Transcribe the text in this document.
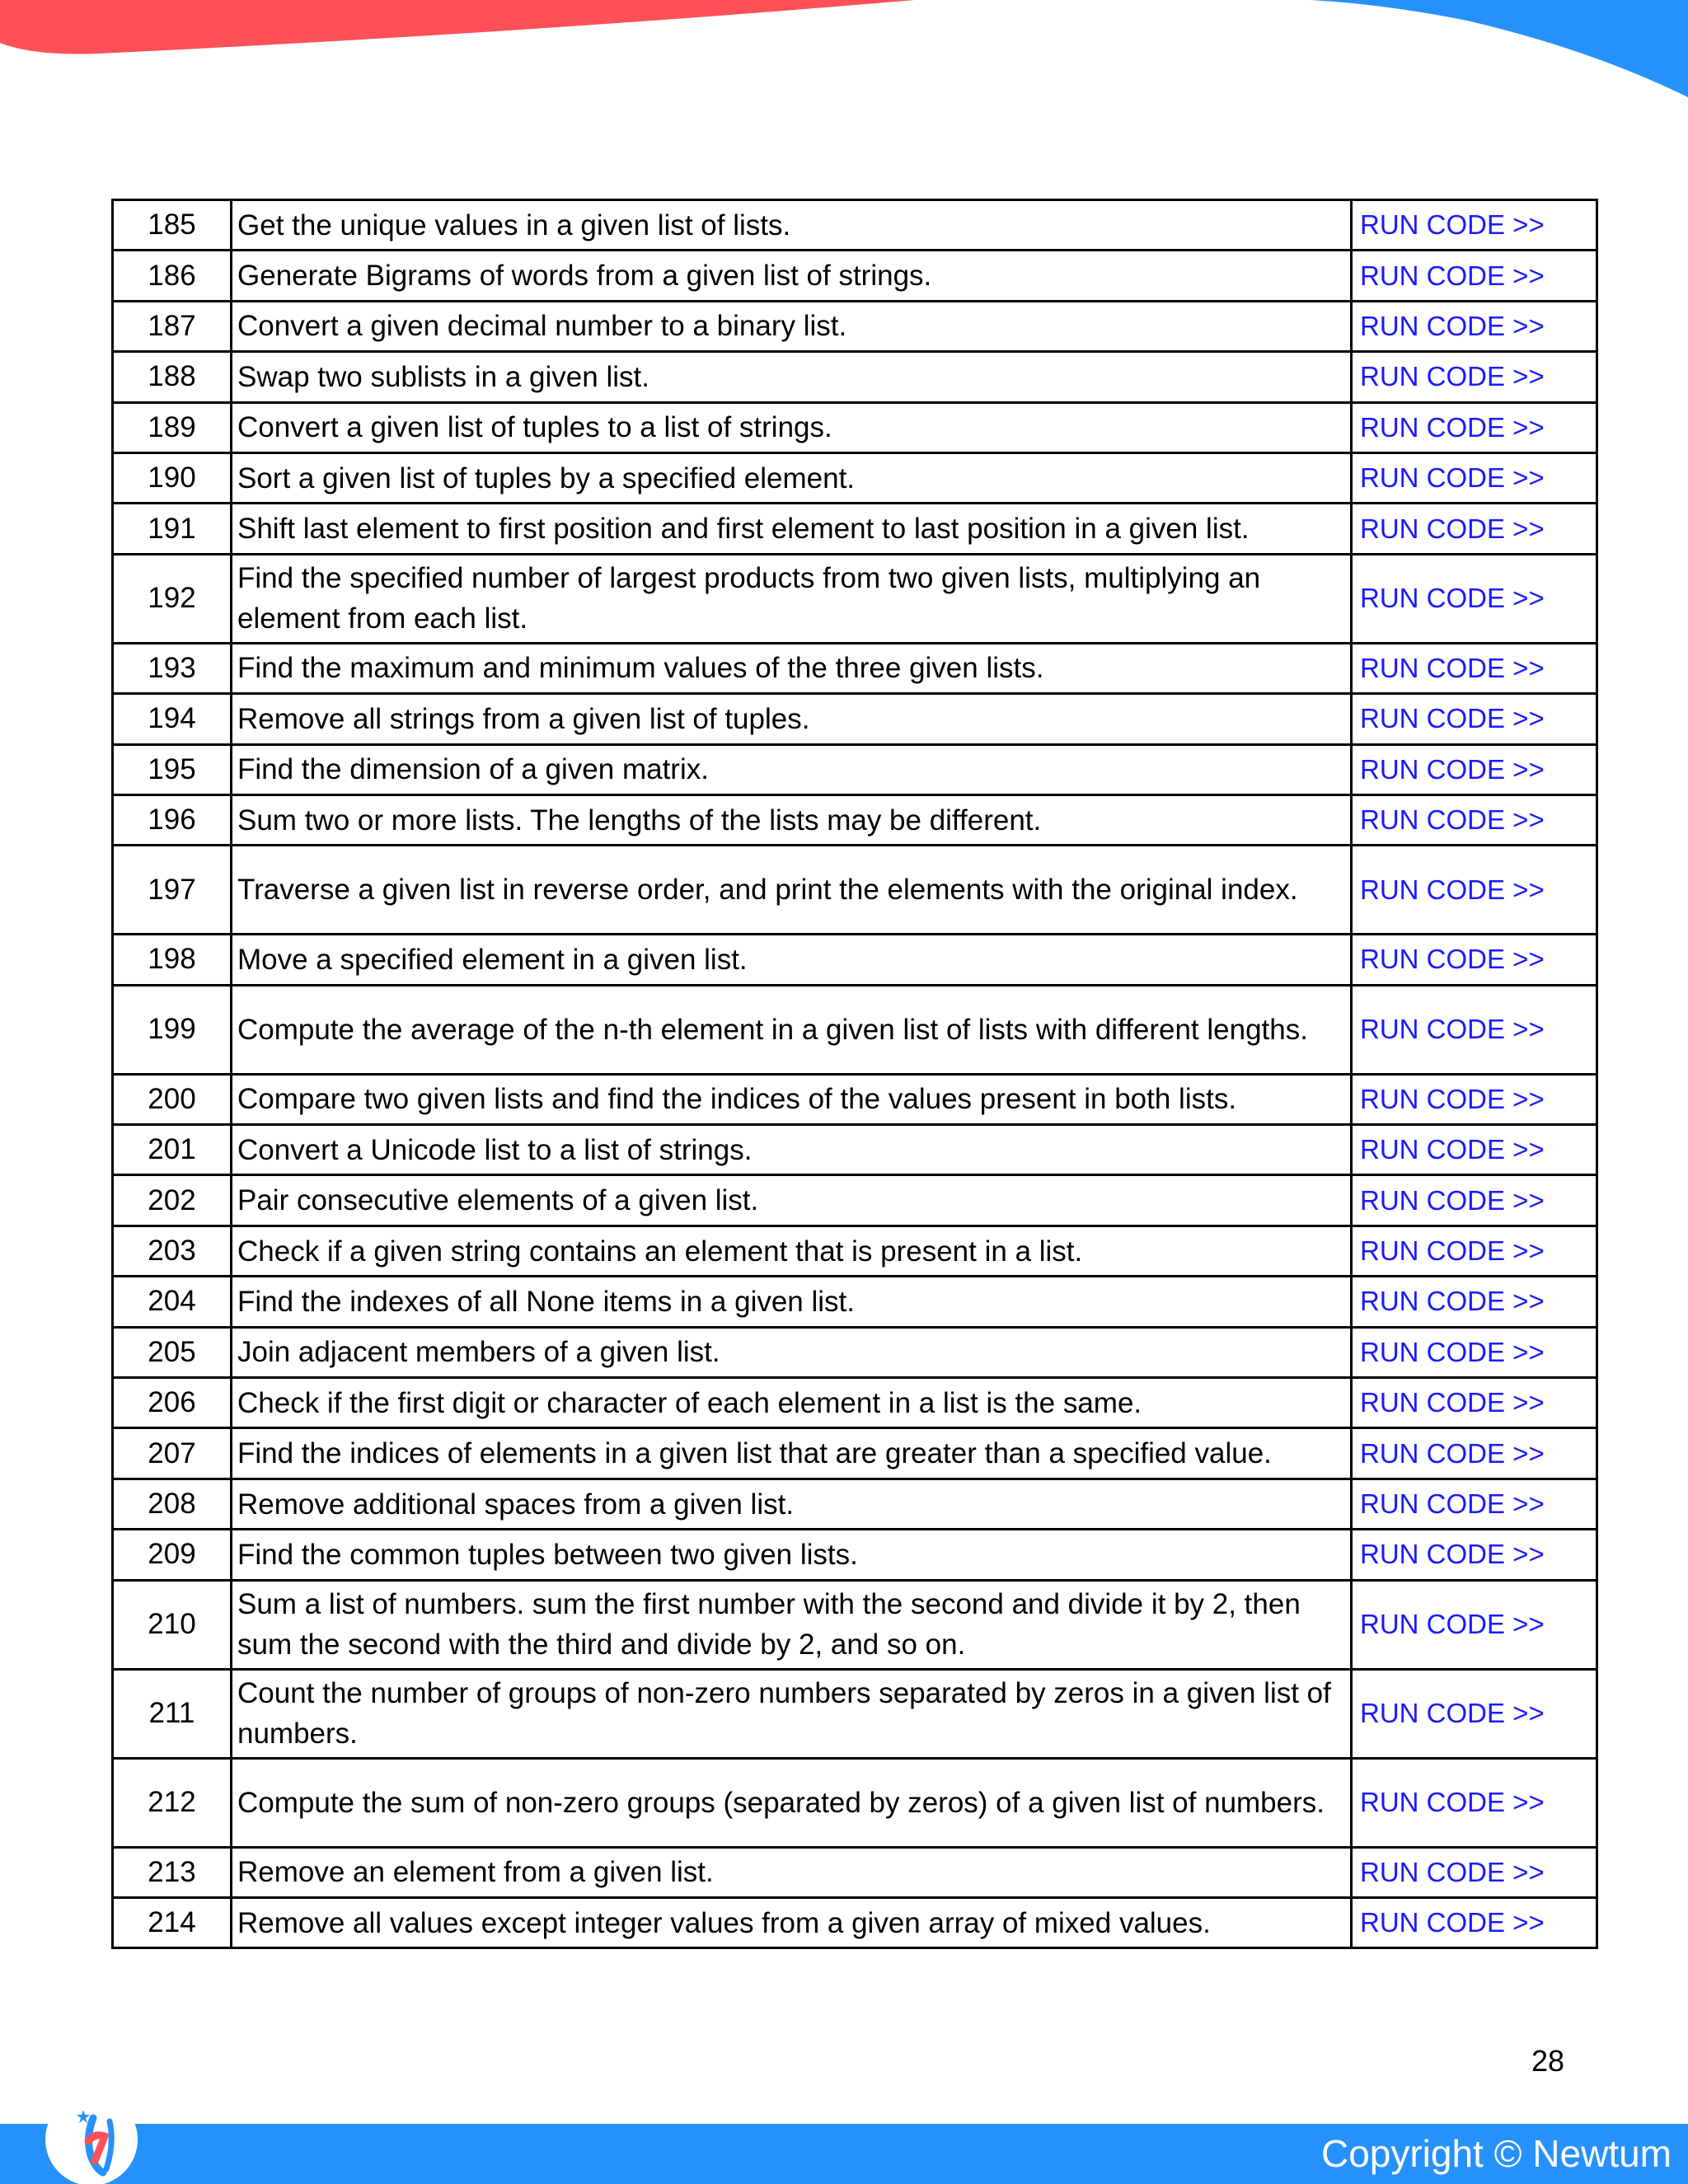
185	Get the unique values in a given list of lists.	RUN CODE >>
186	Generate Bigrams of words from a given list of strings.	RUN CODE >>
187	Convert a given decimal number to a binary list.	RUN CODE >>
188	Swap two sublists in a given list.	RUN CODE >>
189	Convert a given list of tuples to a list of strings.	RUN CODE >>
190	Sort a given list of tuples by a specified element.	RUN CODE >>
191	Shift last element to first position and first element to last position in a given list.	RUN CODE >>
192	Find the specified number of largest products from two given lists, multiplying an element from each list.	RUN CODE >>
193	Find the maximum and minimum values of the three given lists.	RUN CODE >>
194	Remove all strings from a given list of tuples.	RUN CODE >>
195	Find the dimension of a given matrix.	RUN CODE >>
196	Sum two or more lists. The lengths of the lists may be different.	RUN CODE >>
197	Traverse a given list in reverse order, and print the elements with the original index.	RUN CODE >>
198	Move a specified element in a given list.	RUN CODE >>
199	Compute the average of the n-th element in a given list of lists with different lengths.	RUN CODE >>
200	Compare two given lists and find the indices of the values present in both lists.	RUN CODE >>
201	Convert a Unicode list to a list of strings.	RUN CODE >>
202	Pair consecutive elements of a given list.	RUN CODE >>
203	Check if a given string contains an element that is present in a list.	RUN CODE >>
204	Find the indexes of all None items in a given list.	RUN CODE >>
205	Join adjacent members of a given list.	RUN CODE >>
206	Check if the first digit or character of each element in a list is the same.	RUN CODE >>
207	Find the indices of elements in a given list that are greater than a specified value.	RUN CODE >>
208	Remove additional spaces from a given list.	RUN CODE >>
209	Find the common tuples between two given lists.	RUN CODE >>
210	Sum a list of numbers. sum the first number with the second and divide it by 2, then sum the second with the third and divide by 2, and so on.	RUN CODE >>
211	Count the number of groups of non-zero numbers separated by zeros in a given list of numbers.	RUN CODE >>
212	Compute the sum of non-zero groups (separated by zeros) of a given list of numbers.	RUN CODE >>
213	Remove an element from a given list.	RUN CODE >>
214	Remove all values except integer values from a given array of mixed values.	RUN CODE >>
28
Copyright © Newtum
